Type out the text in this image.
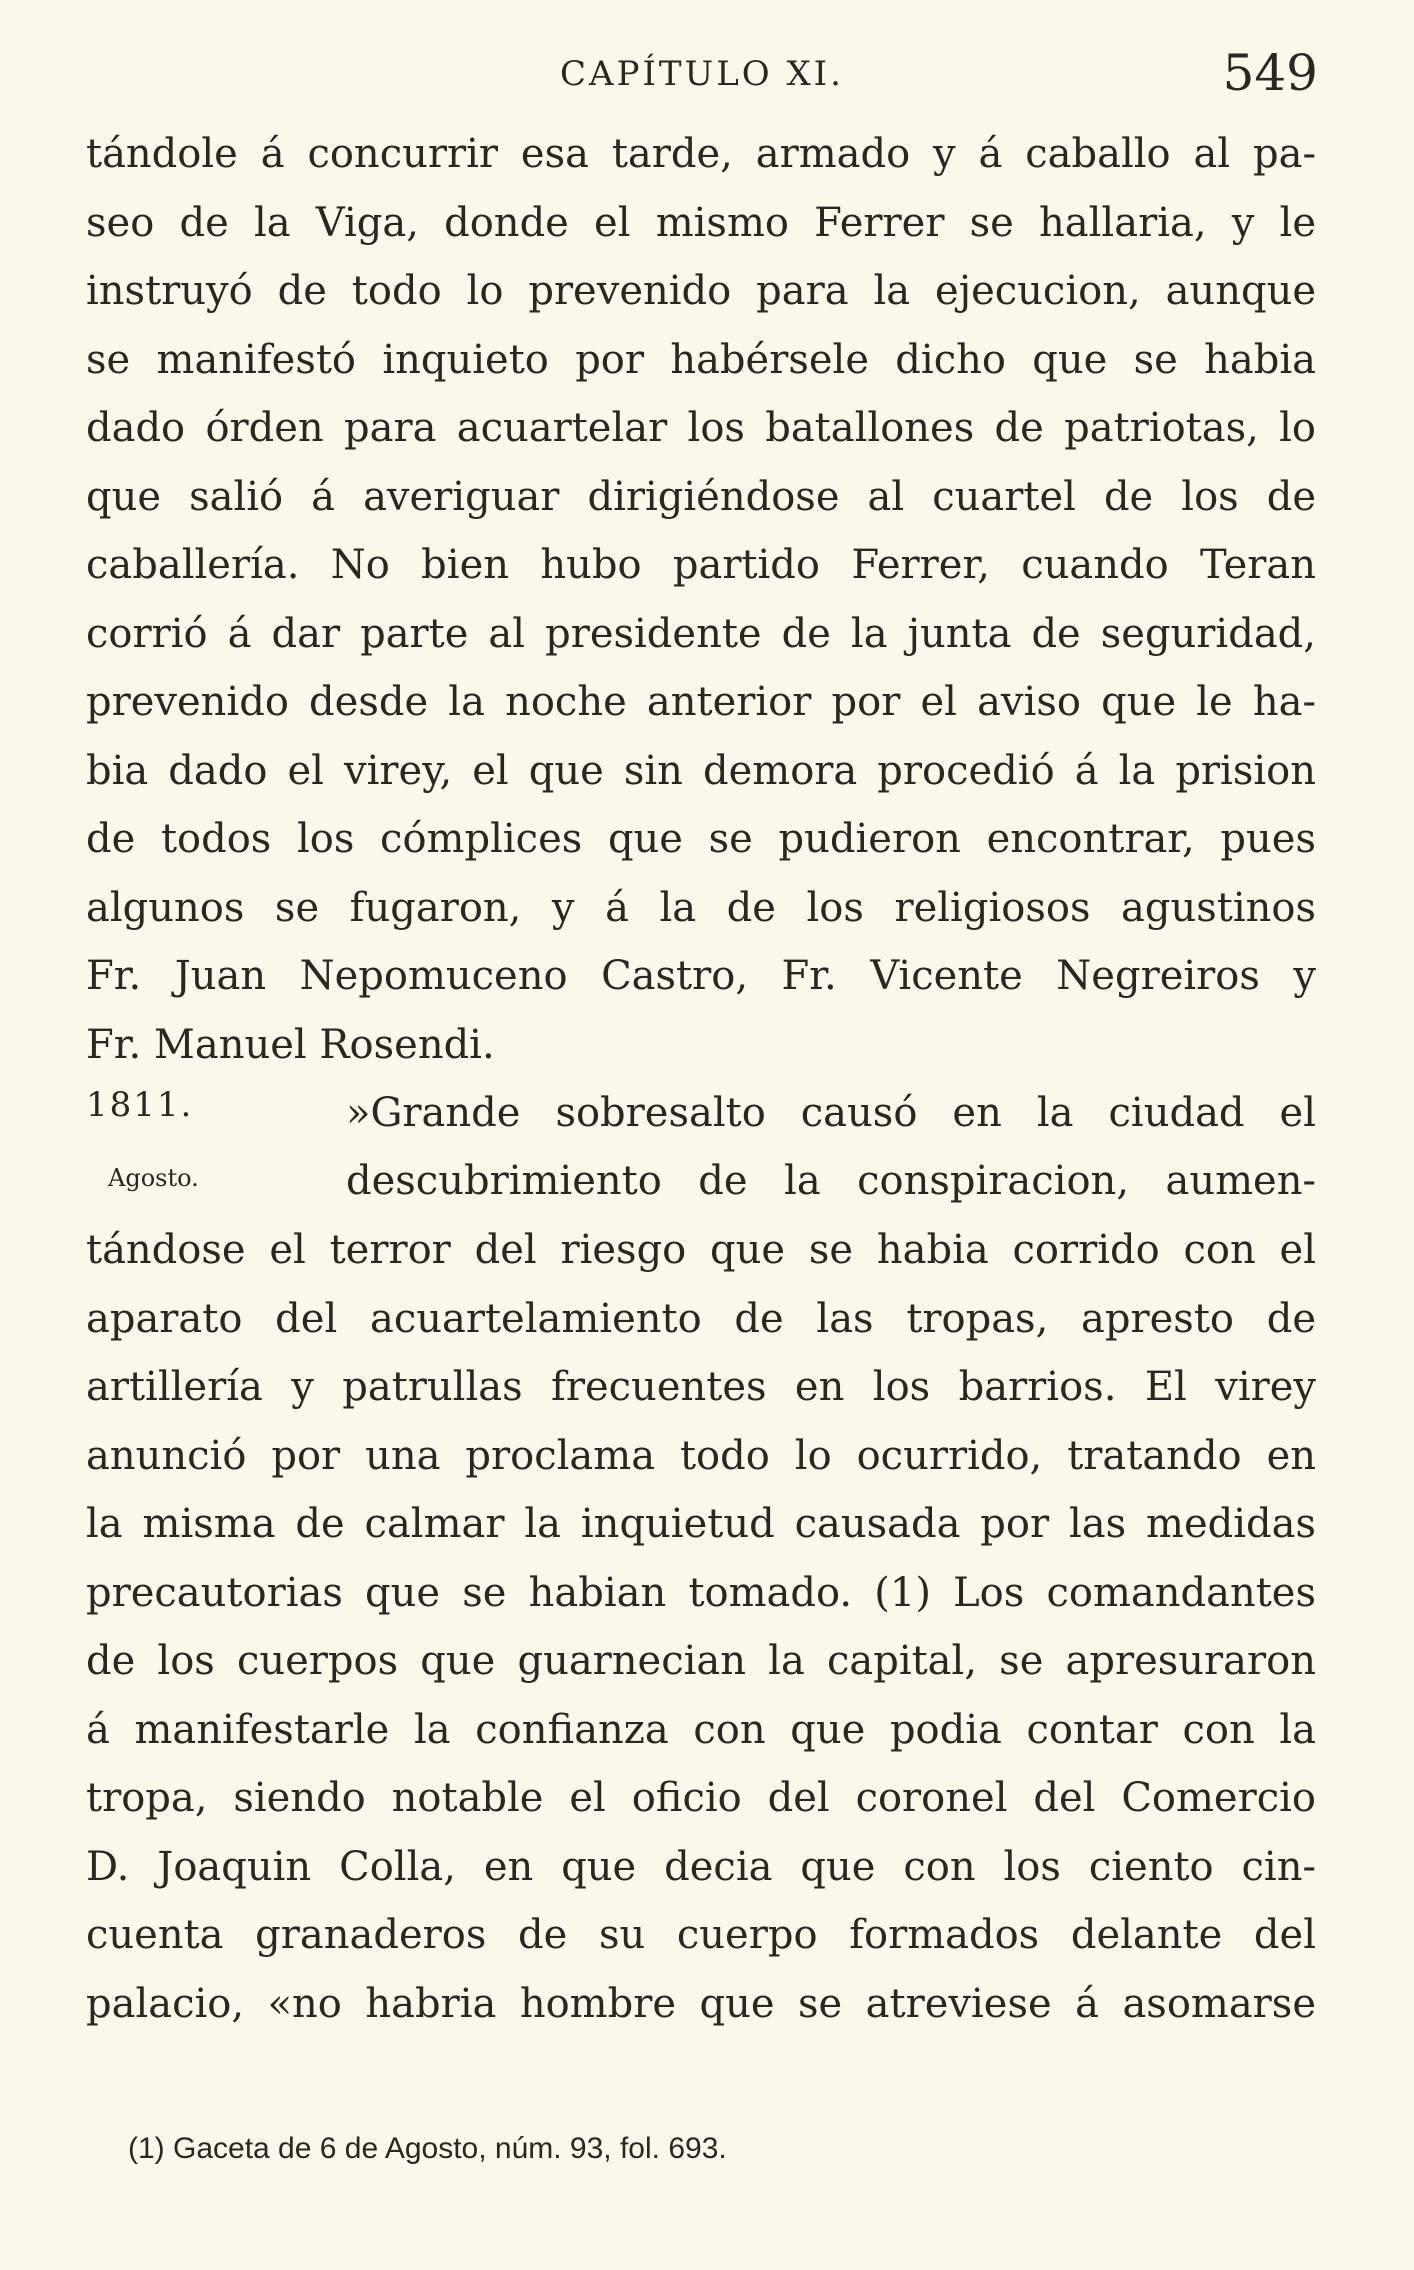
CAPÍTULO XI.	549
tándole á concurrir esa tarde, armado y á caballo al pa-
seo de la Viga, donde el mismo Ferrer se hallaria, y le
instruyó de todo lo prevenido para la ejecucion, aunque
se manifestó inquieto por habérsele dicho que se habia
dado órden para acuartelar los batallones de patriotas, lo
que salió á averiguar dirigiéndose al cuartel de los de
caballería. No bien hubo partido Ferrer, cuando Teran
corrió á dar parte al presidente de la junta de seguridad,
prevenido desde la noche anterior por el aviso que le ha-
bia dado el virey, el que sin demora procedió á la prision
de todos los cómplices que se pudieron encontrar, pues
algunos se fugaron, y á la de los religiosos agustinos
Fr. Juan Nepomuceno Castro, Fr. Vicente Negreiros y
Fr. Manuel Rosendi.
1811.
Agosto.
»Grande sobresalto causó en la ciudad el
descubrimiento de la conspiracion, aumen-
tándose el terror del riesgo que se habia corrido con el
aparato del acuartelamiento de las tropas, apresto de
artillería y patrullas frecuentes en los barrios. El virey
anunció por una proclama todo lo ocurrido, tratando en
la misma de calmar la inquietud causada por las medidas
precautorias que se habian tomado. (1) Los comandantes
de los cuerpos que guarnecian la capital, se apresuraron
á manifestarle la confianza con que podia contar con la
tropa, siendo notable el oficio del coronel del Comercio
D. Joaquin Colla, en que decia que con los ciento cin-
cuenta granaderos de su cuerpo formados delante del
palacio, «no habria hombre que se atreviese á asomarse
(1) Gaceta de 6 de Agosto, núm. 93, fol. 693.
